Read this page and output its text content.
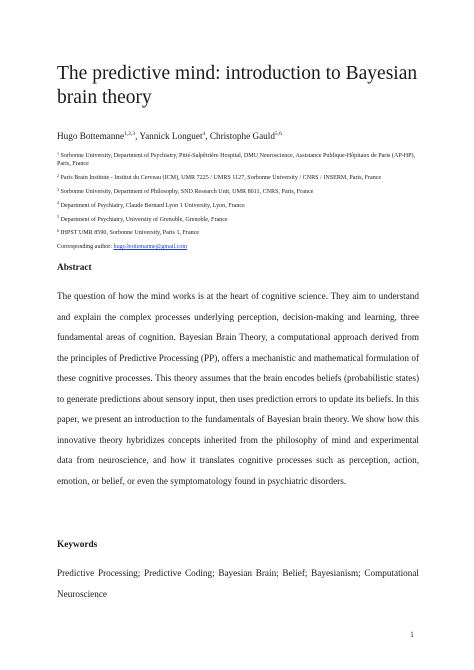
The predictive mind: introduction to Bayesian brain theory
Hugo Bottemanne$^{1,2,3}$, Yannick Longuet$^4$, Christophe Gauld$^{5,6}$

$^1$ Sorbonne University, Department of Psychiatry, Pitié-Salpêtrière Hospital, DMU Neuroscience, Assistance Publique-Hôpitaux de Paris (AP-HP), Paris, France

$^2$ Paris Brain Institute - Institut du Cerveau (ICM), UMR 7225 / UMRS 1127, Sorbonne University / CNRS / INSERM, Paris, France

$^3$ Sorbonne University, Department of Philosophy, SND Research Unit, UMR 8011, CNRS, Paris, France

$^4$ Department of Psychiatry, Claude Bernard Lyon 1 University, Lyon, France

$^5$ Department of Psychiatry, University of Grenoble, Grenoble, France

$^6$ IHPST UMR 8590, Sorbonne University, Paris 1, France

Corresponding author: hugo.bottemanne@gmail.com

Abstract

The question of how the mind works is at the heart of cognitive science. They aim to understand and explain the complex processes underlying perception, decision-making and learning, three fundamental areas of cognition. Bayesian Brain Theory, a computational approach derived from the principles of Predictive Processing (PP), offers a mechanistic and mathematical formulation of these cognitive processes. This theory assumes that the brain encodes beliefs (probabilistic states) to generate predictions about sensory input, then uses prediction errors to update its beliefs. In this paper, we present an introduction to the fundamentals of Bayesian brain theory. We show how this innovative theory hybridizes concepts inherited from the philosophy of mind and experimental data from neuroscience, and how it translates cognitive processes such as perception, action, emotion, or belief, or even the symptomatology found in psychiatric disorders.

Keywords

Predictive Processing; Predictive Coding; Bayesian Brain; Belief; Bayesianism; Computational Neuroscience

1
